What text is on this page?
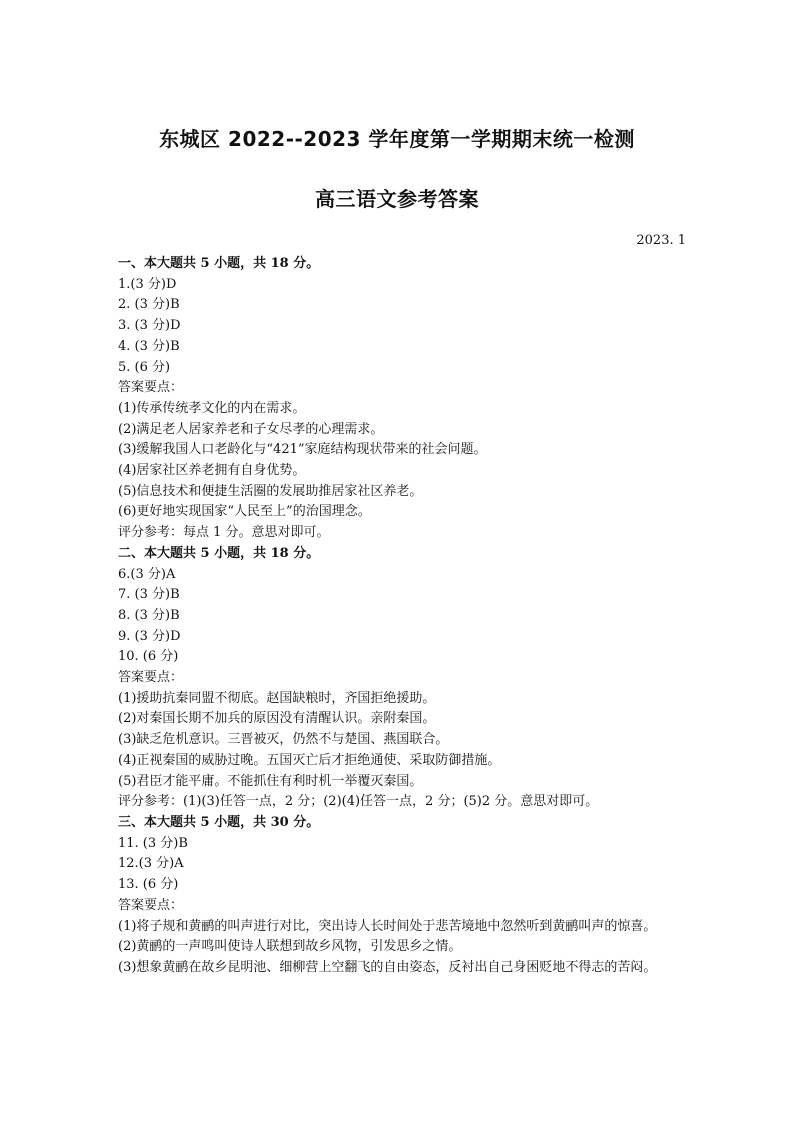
东城区 2022--2023 学年度第一学期期末统一检测
高三语文参考答案
2023. 1

一、本大题共 5 小题，共 18 分。

1.(3 分)D

2. (3 分)B

3. (3 分)D

4. (3 分)B

5. (6 分)

答案要点：

(1)传承传统孝文化的内在需求。

(2)满足老人居家养老和子女尽孝的心理需求。

(3)缓解我国人口老龄化与“421”家庭结构现状带来的社会问题。

(4)居家社区养老拥有自身优势。

(5)信息技术和便捷生活圈的发展助推居家社区养老。

(6)更好地实现国家“人民至上”的治国理念。

评分参考：每点 1 分。意思对即可。

二、本大题共 5 小题，共 18 分。

6.(3 分)A

7. (3 分)B

8. (3 分)B

9. (3 分)D

10. (6 分)

答案要点：

(1)援助抗秦同盟不彻底。赵国缺粮时，齐国拒绝援助。

(2)对秦国长期不加兵的原因没有清醒认识。亲附秦国。

(3)缺乏危机意识。三晋被灭，仍然不与楚国、燕国联合。

(4)正视秦国的威胁过晚。五国灭亡后才拒绝通使、采取防御措施。

(5)君臣才能平庸。不能抓住有利时机一举覆灭秦国。

评分参考：(1)(3)任答一点，2 分；(2)(4)任答一点，2 分；(5)2 分。意思对即可。

三、本大题共 5 小题，共 30 分。

11. (3 分)B

12.(3 分)A

13. (6 分)

答案要点：

(1)将子规和黄鹂的叫声进行对比，突出诗人长时间处于悲苦境地中忽然听到黄鹂叫声的惊喜。

(2)黄鹂的一声鸣叫使诗人联想到故乡风物，引发思乡之情。

(3)想象黄鹂在故乡昆明池、细柳营上空翻飞的自由姿态，反衬出自己身困贬地不得志的苦闷。
